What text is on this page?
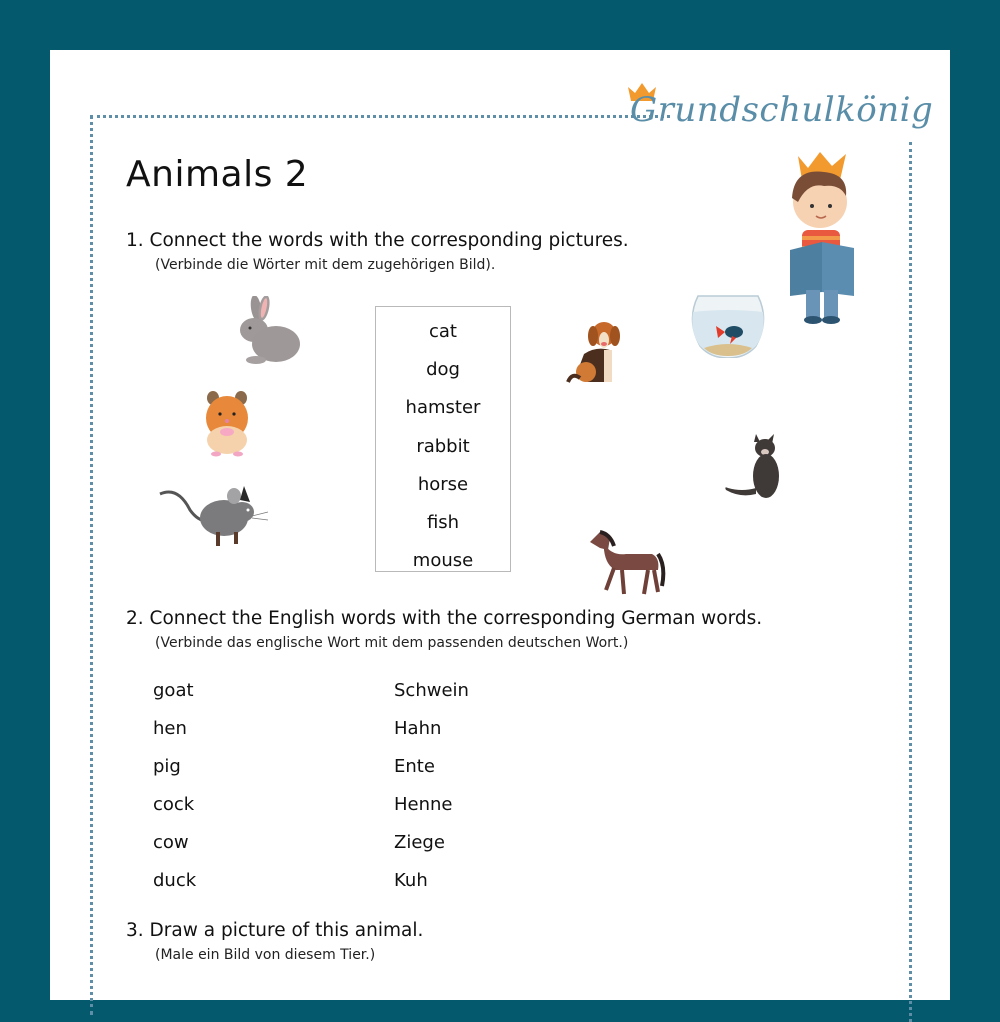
Grundschulkönig
Animals 2
1. Connect the words with the corresponding pictures.
(Verbinde die Wörter mit dem zugehörigen Bild).
cat
dog
hamster
rabbit
horse
fish
mouse
2. Connect the English words with the corresponding German words.
(Verbinde das englische Wort mit dem passenden deutschen Wort.)
goat
hen
pig
cock
cow
duck
Schwein
Hahn
Ente
Henne
Ziege
Kuh
3. Draw a picture of this animal.
(Male ein Bild von diesem Tier.)
